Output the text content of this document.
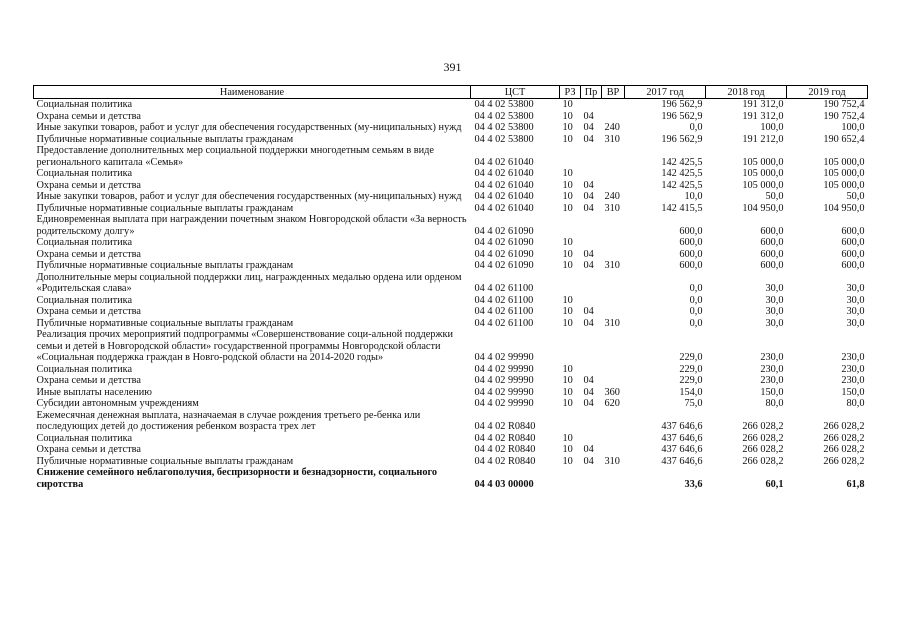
391
Наименование	ЦСТ	РЗ	Пр	ВР	2017 год	2018 год	2019 год
Социальная политика	04 4 02 53800	10			196 562,9	191 312,0	190 752,4
Охрана семьи и детства	04 4 02 53800	10	04		196 562,9	191 312,0	190 752,4
Иные закупки товаров, работ и услуг для обеспечения государственных (му-ниципальных) нужд	04 4 02 53800	10	04	240	0,0	100,0	100,0
Публичные нормативные социальные выплаты гражданам	04 4 02 53800	10	04	310	196 562,9	191 212,0	190 652,4
Предоставление дополнительных мер социальной поддержки многодетным семьям в виде регионального капитала «Семья»	04 4 02 61040				142 425,5	105 000,0	105 000,0
Социальная политика	04 4 02 61040	10			142 425,5	105 000,0	105 000,0
Охрана семьи и детства	04 4 02 61040	10	04		142 425,5	105 000,0	105 000,0
Иные закупки товаров, работ и услуг для обеспечения государственных (му-ниципальных) нужд	04 4 02 61040	10	04	240	10,0	50,0	50,0
Публичные нормативные социальные выплаты гражданам	04 4 02 61040	10	04	310	142 415,5	104 950,0	104 950,0
Единовременная выплата при награждении почетным знаком Новгородской области «За верность родительскому долгу»	04 4 02 61090				600,0	600,0	600,0
Социальная политика	04 4 02 61090	10			600,0	600,0	600,0
Охрана семьи и детства	04 4 02 61090	10	04		600,0	600,0	600,0
Публичные нормативные социальные выплаты гражданам	04 4 02 61090	10	04	310	600,0	600,0	600,0
Дополнительные меры социальной поддержки лиц, награжденных медалью ордена или орденом «Родительская слава»	04 4 02 61100				0,0	30,0	30,0
Социальная политика	04 4 02 61100	10			0,0	30,0	30,0
Охрана семьи и детства	04 4 02 61100	10	04		0,0	30,0	30,0
Публичные нормативные социальные выплаты гражданам	04 4 02 61100	10	04	310	0,0	30,0	30,0
Реализация прочих мероприятий подпрограммы «Совершенствование соци-альной поддержки семьи и детей в Новгородской области» государственной программы Новгородской области «Социальная поддержка граждан в Новго-родской области на 2014-2020 годы»	04 4 02 99990				229,0	230,0	230,0
Социальная политика	04 4 02 99990	10			229,0	230,0	230,0
Охрана семьи и детства	04 4 02 99990	10	04		229,0	230,0	230,0
Иные выплаты населению	04 4 02 99990	10	04	360	154,0	150,0	150,0
Субсидии автономным учреждениям	04 4 02 99990	10	04	620	75,0	80,0	80,0
Ежемесячная денежная выплата, назначаемая в случае рождения третьего ре-бенка или последующих детей до достижения ребенком возраста трех лет	04 4 02 R0840				437 646,6	266 028,2	266 028,2
Социальная политика	04 4 02 R0840	10			437 646,6	266 028,2	266 028,2
Охрана семьи и детства	04 4 02 R0840	10	04		437 646,6	266 028,2	266 028,2
Публичные нормативные социальные выплаты гражданам	04 4 02 R0840	10	04	310	437 646,6	266 028,2	266 028,2
Снижение семейного неблагополучия, беспризорности и безнадзорности, социального сиротства	04 4 03 00000				33,6	60,1	61,8
